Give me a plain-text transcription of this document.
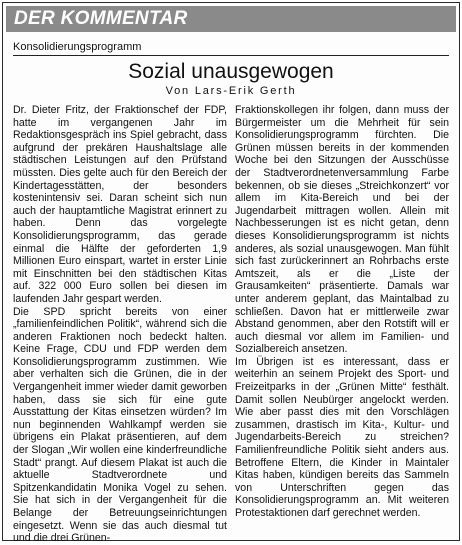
DER KOMMENTAR
Konsolidierungsprogramm
Sozial unausgewogen
Von Lars-Erik Gerth

Dr. Dieter Fritz, der Fraktionschef der FDP, hatte im vergangenen Jahr im Redaktionsgespräch ins Spiel gebracht, dass aufgrund der prekären Haushaltslage alle städtischen Leistungen auf den Prüfstand müssten. Dies gelte auch für den Bereich der Kindertagesstätten, der besonders kostenintensiv sei. Daran scheint sich nun auch der hauptamtliche Magistrat erinnert zu haben. Denn das vorgelegte Konsolidierungsprogramm, das gerade einmal die Hälfte der geforderten 1,9 Millionen Euro einspart, wartet in erster Linie mit Einschnitten bei den städtischen Kitas auf. 322 000 Euro sollen bei diesen im laufenden Jahr gespart werden.

Die SPD spricht bereits von einer „familienfeindlichen Politik“, während sich die anderen Fraktionen noch bedeckt halten. Keine Frage, CDU und FDP werden dem Konsolidierungsprogramm zustimmen. Wie aber verhalten sich die Grünen, die in der Vergangenheit immer wieder damit geworben haben, dass sie sich für eine gute Ausstattung der Kitas einsetzen würden? Im nun beginnenden Wahlkampf werden sie übrigens ein Plakat präsentieren, auf dem der Slogan „Wir wollen eine kinderfreundliche Stadt“ prangt. Auf diesem Plakat ist auch die aktuelle Stadtverordnete und Spitzenkandidatin Monika Vogel zu sehen. Sie hat sich in der Vergangenheit für die Belange der Betreuungseinrichtungen eingesetzt. Wenn sie das auch diesmal tut und die drei Grünen-

Fraktionskollegen ihr folgen, dann muss der Bürgermeister um die Mehrheit für sein Konsolidierungsprogramm fürchten. Die Grünen müssen bereits in der kommenden Woche bei den Sitzungen der Ausschüsse der Stadtverordnetenversammlung Farbe bekennen, ob sie dieses „Streichkonzert“ vor allem im Kita-Bereich und bei der Jugendarbeit mittragen wollen. Allein mit Nachbesserungen ist es nicht getan, denn dieses Konsolidierungsprogramm ist nichts anderes, als sozial unausgewogen. Man fühlt sich fast zurückerinnert an Rohrbachs erste Amtszeit, als er die „Liste der Grausamkeiten“ präsentierte. Damals war unter anderem geplant, das Maintalbad zu schließen. Davon hat er mittlerweile zwar Abstand genommen, aber den Rotstift will er auch diesmal vor allem im Familien- und Sozialbereich ansetzen.

Im Übrigen ist es interessant, dass er weiterhin an seinem Projekt des Sport- und Freizeitparks in der „Grünen Mitte“ festhält. Damit sollen Neubürger angelockt werden. Wie aber passt dies mit den Vorschlägen zusammen, drastisch im Kita-, Kultur- und Jugendarbeits-Bereich zu streichen? Familienfreundliche Politik sieht anders aus. Betroffene Eltern, die Kinder in Maintaler Kitas haben, kündigen bereits das Sammeln von Unterschriften gegen das Konsolidierungsprogramm an. Mit weiteren Protestaktionen darf gerechnet werden.
